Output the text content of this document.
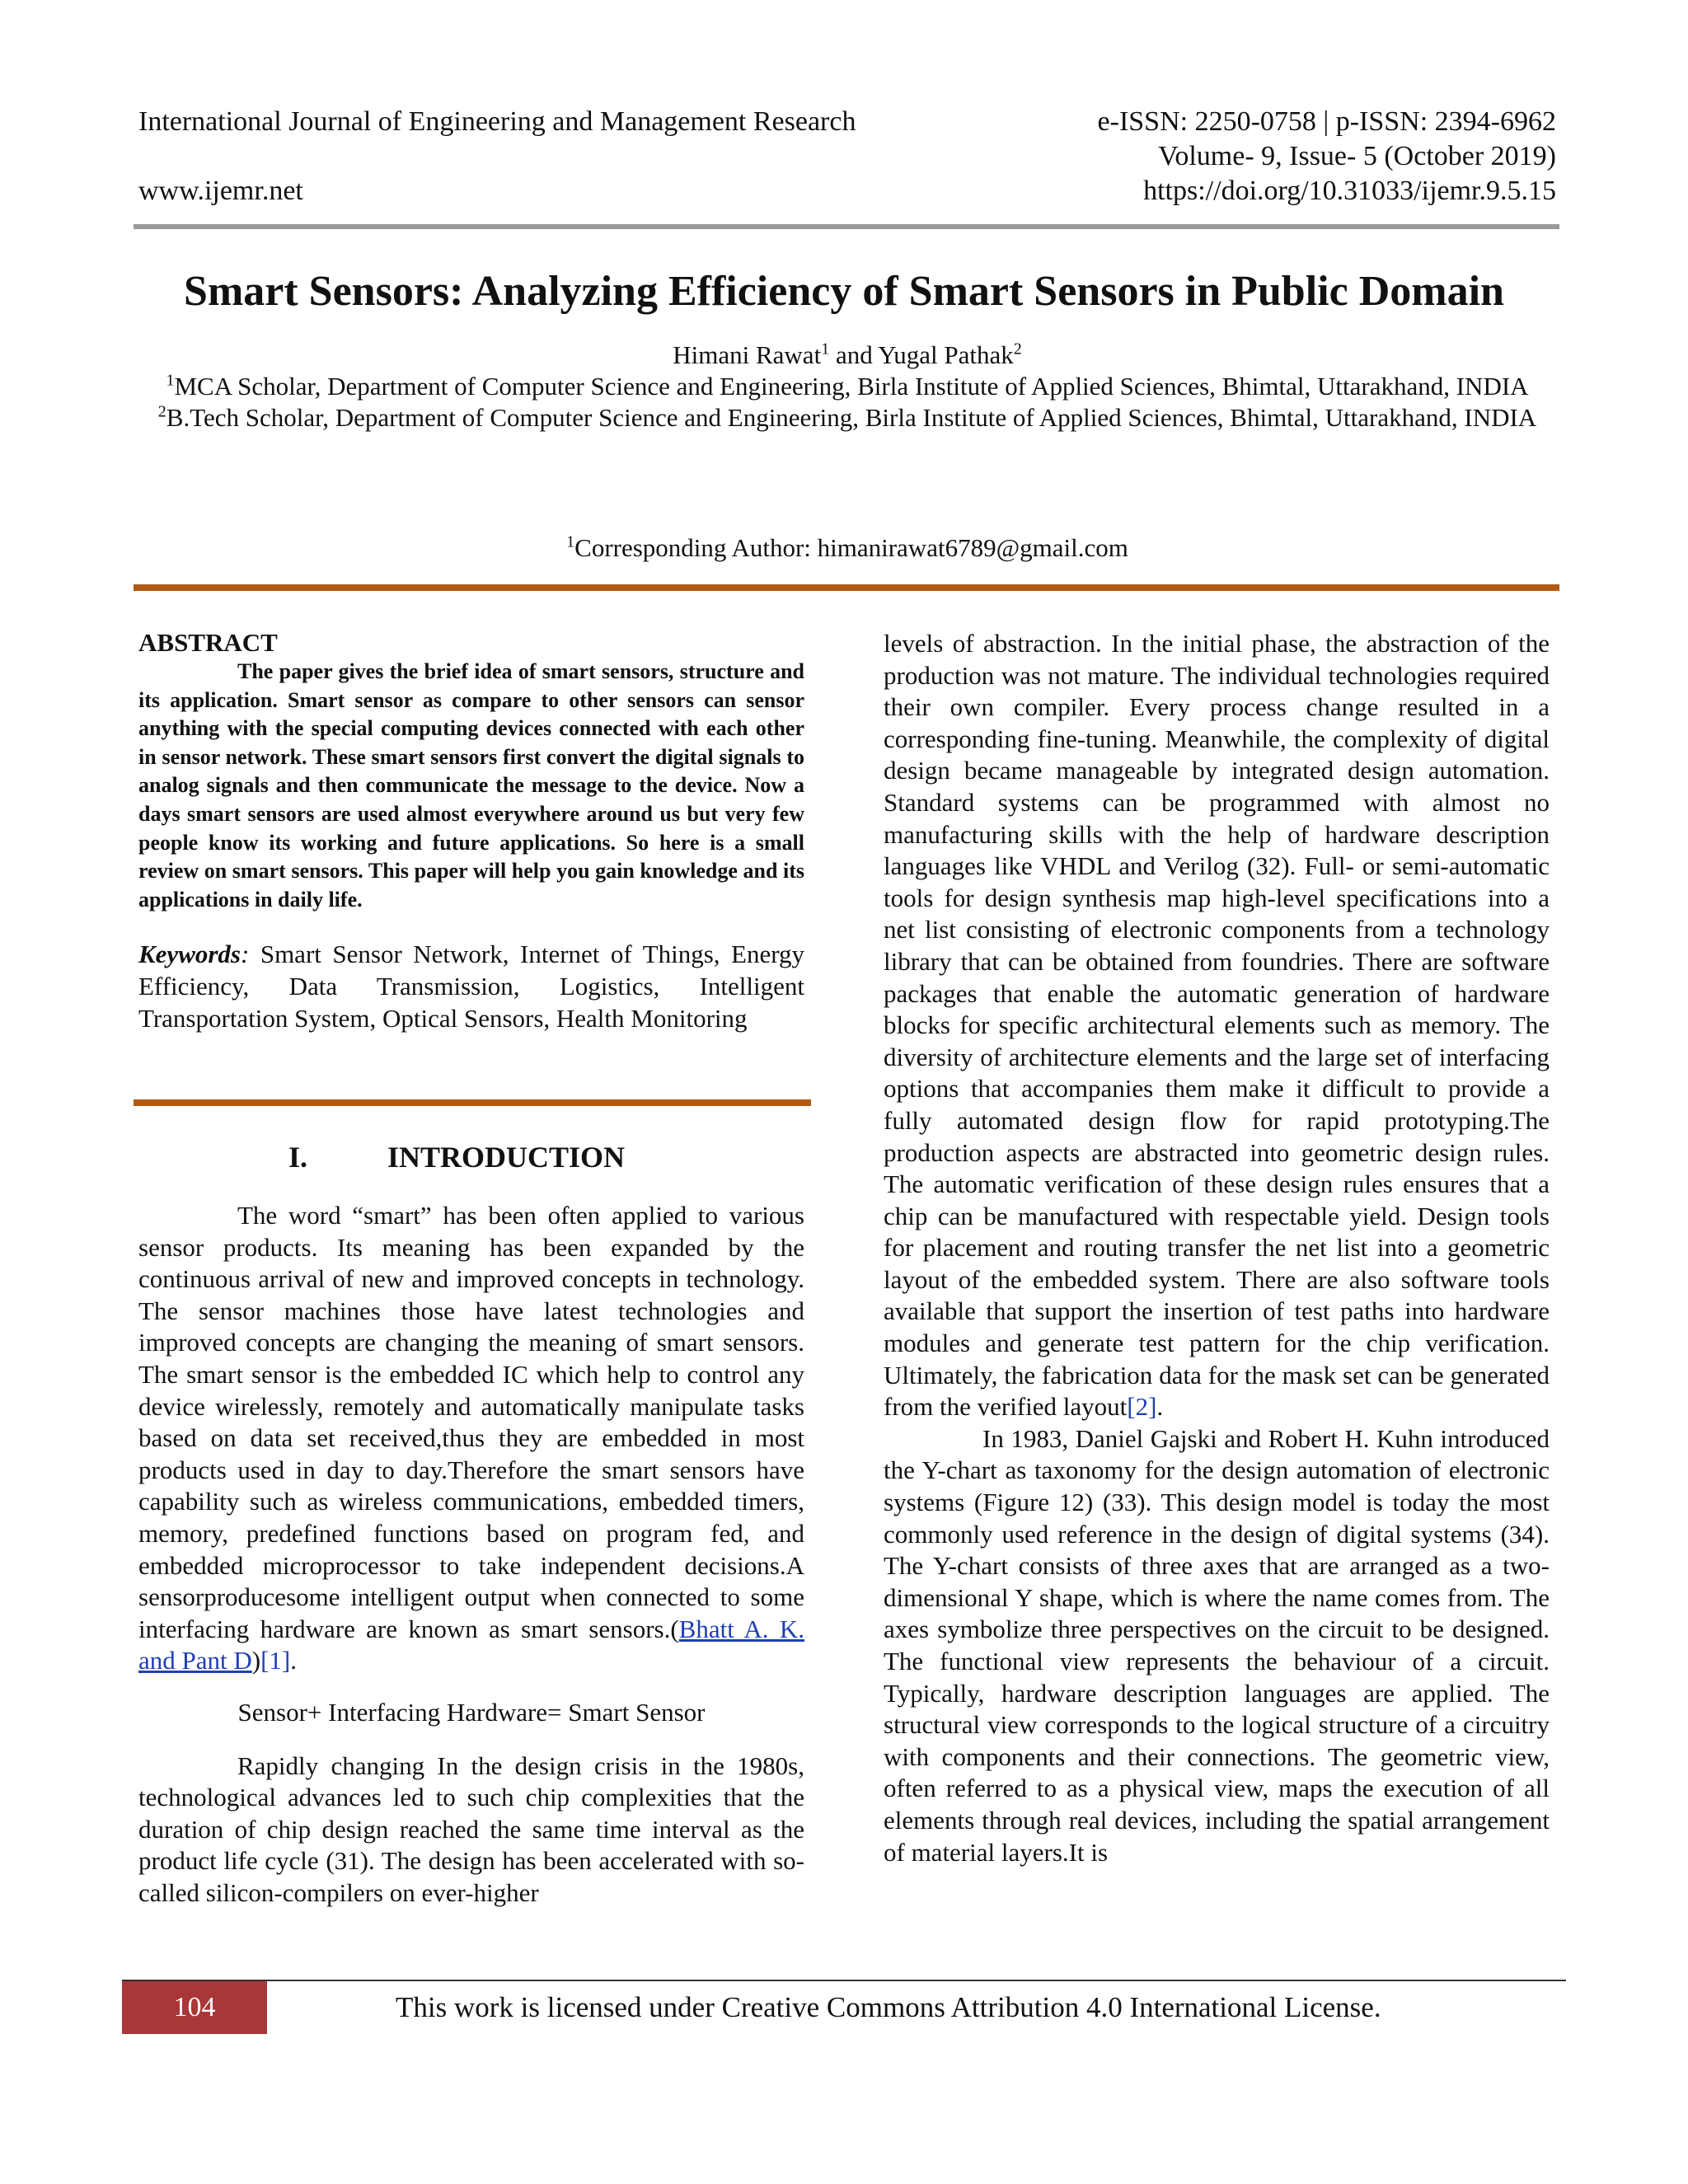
International Journal of Engineering and Management Research	e-ISSN: 2250-0758 | p-ISSN: 2394-6962
Volume- 9, Issue- 5 (October 2019)
www.ijemr.net	https://doi.org/10.31033/ijemr.9.5.15
Smart Sensors: Analyzing Efficiency of Smart Sensors in Public Domain
Himani Rawat$^1$ and Yugal Pathak$^2$
$^1$MCA Scholar, Department of Computer Science and Engineering, Birla Institute of Applied Sciences, Bhimtal, Uttarakhand, INDIA
$^2$B.Tech Scholar, Department of Computer Science and Engineering, Birla Institute of Applied Sciences, Bhimtal, Uttarakhand, INDIA
$^1$Corresponding Author: himanirawat6789@gmail.com
ABSTRACT
The paper gives the brief idea of smart sensors, structure and its application. Smart sensor as compare to other sensors can sensor anything with the special computing devices connected with each other in sensor network. These smart sensors first convert the digital signals to analog signals and then communicate the message to the device. Now a days smart sensors are used almost everywhere around us but very few people know its working and future applications. So here is a small review on smart sensors. This paper will help you gain knowledge and its applications in daily life.
Keywords: Smart Sensor Network, Internet of Things, Energy Efficiency, Data Transmission, Logistics, Intelligent Transportation System, Optical Sensors, Health Monitoring
I.	INTRODUCTION

The word “smart” has been often applied to various sensor products. Its meaning has been expanded by the continuous arrival of new and improved concepts in technology. The sensor machines those have latest technologies and improved concepts are changing the meaning of smart sensors. The smart sensor is the embedded IC which help to control any device wirelessly, remotely and automatically manipulate tasks based on data set received,thus they are embedded in most products used in day to day.Therefore the smart sensors have capability such as wireless communications, embedded timers, memory, predefined functions based on program fed, and embedded microprocessor to take independent decisions.A sensorproducesome intelligent output when connected to some interfacing hardware are known as smart sensors.(Bhatt A. K. and Pant D)[1].

Sensor+ Interfacing Hardware= Smart Sensor

Rapidly changing In the design crisis in the 1980s, technological advances led to such chip complexities that the duration of chip design reached the same time interval as the product life cycle (31). The design has been accelerated with so-called silicon-compilers on ever-higher

levels of abstraction. In the initial phase, the abstraction of the production was not mature. The individual technologies required their own compiler. Every process change resulted in a corresponding fine-tuning. Meanwhile, the complexity of digital design became manageable by integrated design automation. Standard systems can be programmed with almost no manufacturing skills with the help of hardware description languages like VHDL and Verilog (32). Full- or semi-automatic tools for design synthesis map high-level specifications into a net list consisting of electronic components from a technology library that can be obtained from foundries. There are software packages that enable the automatic generation of hardware blocks for specific architectural elements such as memory. The diversity of architecture elements and the large set of interfacing options that accompanies them make it difficult to provide a fully automated design flow for rapid prototyping.The production aspects are abstracted into geometric design rules. The automatic verification of these design rules ensures that a chip can be manufactured with respectable yield. Design tools for placement and routing transfer the net list into a geometric layout of the embedded system. There are also software tools available that support the insertion of test paths into hardware modules and generate test pattern for the chip verification. Ultimately, the fabrication data for the mask set can be generated from the verified layout[2].

In 1983, Daniel Gajski and Robert H. Kuhn introduced the Y-chart as taxonomy for the design automation of electronic systems (Figure 12) (33). This design model is today the most commonly used reference in the design of digital systems (34). The Y-chart consists of three axes that are arranged as a two-dimensional Y shape, which is where the name comes from. The axes symbolize three perspectives on the circuit to be designed. The functional view represents the behaviour of a circuit. Typically, hardware description languages are applied. The structural view corresponds to the logical structure of a circuitry with components and their connections. The geometric view, often referred to as a physical view, maps the execution of all elements through real devices, including the spatial arrangement of material layers.It is

104	This work is licensed under Creative Commons Attribution 4.0 International License.
